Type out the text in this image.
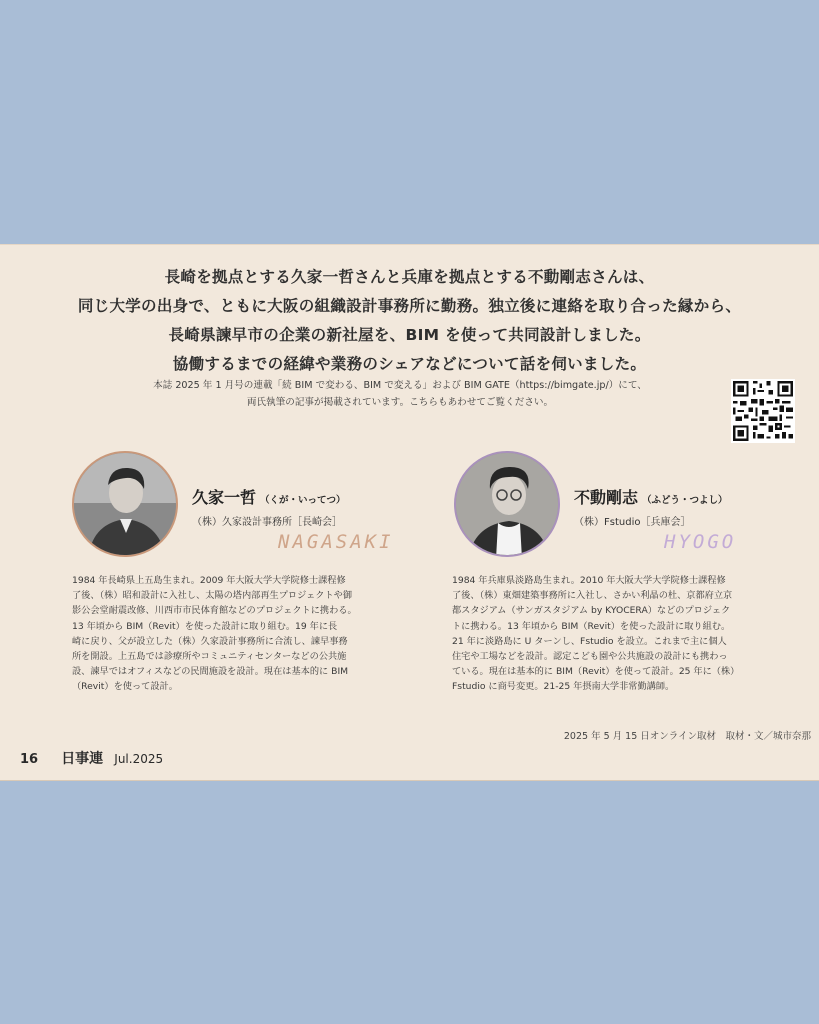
長崎を拠点とする久家一哲さんと兵庫を拠点とする不動剛志さんは、
同じ大学の出身で、ともに大阪の組織設計事務所に勤務。独立後に連絡を取り合った縁から、
長崎県諫早市の企業の新社屋を、BIM を使って共同設計しました。
協働するまでの経緯や業務のシェアなどについて話を伺いました。
本誌 2025 年 1 月号の連載「続 BIM で変わる、BIM で変える」および BIM GATE（https://bimgate.jp/）にて、
両氏執筆の記事が掲載されています。こちらもあわせてご覧ください。
久家一哲 （くが・いってつ）
（株）久家設計事務所［長崎会］
NAGASAKI
1984 年長崎県上五島生まれ。2009 年大阪大学大学院修士課程修
了後、（株）昭和設計に入社し、太陽の塔内部再生プロジェクトや御
影公会堂耐震改修、川西市市民体育館などのプロジェクトに携わる。
13 年頃から BIM（Revit）を使った設計に取り組む。19 年に長
崎に戻り、父が設立した（株）久家設計事務所に合流し、諫早事務
所を開設。上五島では診療所やコミュニティセンターなどの公共施
設、諫早ではオフィスなどの民間施設を設計。現在は基本的に BIM
（Revit）を使って設計。
不動剛志 （ふどう・つよし）
（株）Fstudio［兵庫会］
HYOGO
1984 年兵庫県淡路島生まれ。2010 年大阪大学大学院修士課程修
了後、（株）東畑建築事務所に入社し、さかい利晶の杜、京都府立京
都スタジアム（サンガスタジアム by KYOCERA）などのプロジェク
トに携わる。13 年頃から BIM（Revit）を使った設計に取り組む。
21 年に淡路島に U ターンし、Fstudio を設立。これまで主に個人
住宅や工場などを設計。認定こども園や公共施設の設計にも携わっ
ている。現在は基本的に BIM（Revit）を使って設計。25 年に（株）
Fstudio に商号変更。21-25 年摂南大学非常勤講師。
2025 年 5 月 15 日オンライン取材　取材・文／城市奈那
16 日事連 Jul.2025
